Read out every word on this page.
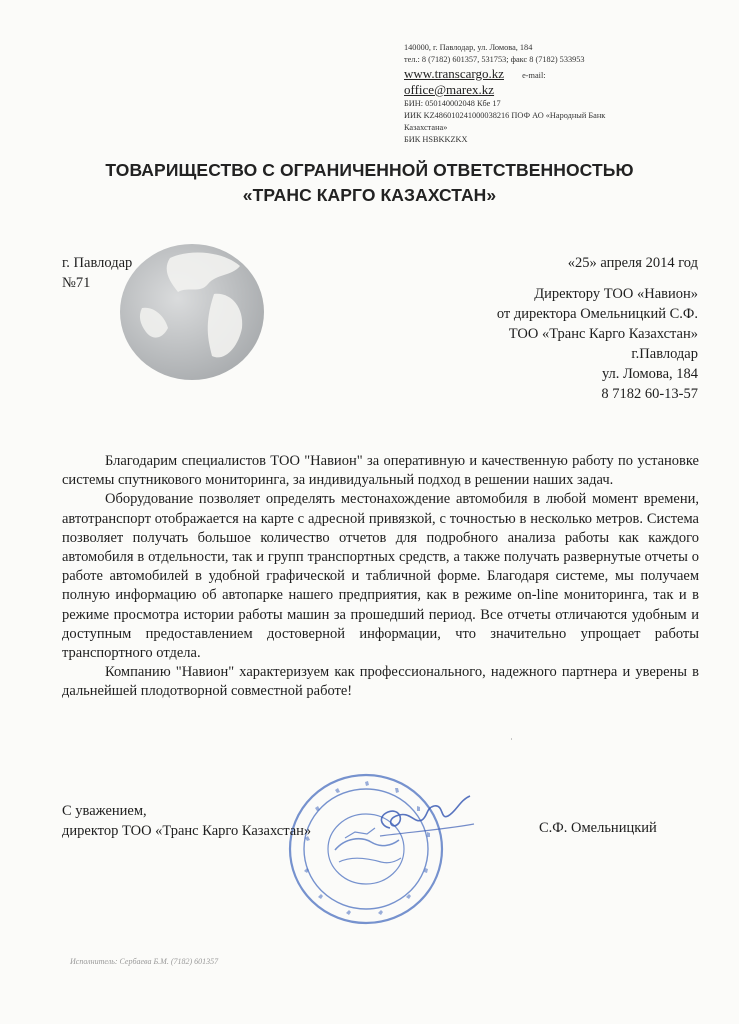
140000, г. Павлодар, ул. Ломова, 184
тел.: 8 (7182) 601357, 531753; факс 8 (7182) 533953
www.transcargo.kz e-mail:
office@marex.kz
БИН: 050140002048 Кбе 17
ИИК KZ486010241000038216 ПОФ АО «Народный Банк
Казахстана»
БИК HSBKKZKX
ТОВАРИЩЕСТВО С ОГРАНИЧЕННОЙ ОТВЕТСТВЕННОСТЬЮ
«ТРАНС КАРГО КАЗАХСТАН»
г. Павлодар
№71
«25» апреля 2014 год
Директору ТОО «Навион»
от директора Омельницкий С.Ф.
ТОО «Транс Карго Казахстан»
г.Павлодар
ул. Ломова, 184
8 7182 60-13-57

Благодарим специалистов ТОО "Навион" за оперативную и качественную работу по установке системы спутникового мониторинга, за индивидуальный подход в решении наших задач.

Оборудование позволяет определять местонахождение автомобиля в любой момент времени, автотранспорт отображается на карте с адресной привязкой, с точностью в несколько метров. Система позволяет получать большое количество отчетов для подробного анализа работы как каждого автомобиля в отдельности, так и групп транспортных средств, а также получать развернутые отчеты о работе автомобилей в удобной графической и табличной форме. Благодаря системе, мы получаем полную информацию об автопарке нашего предприятия, как в режиме on-line мониторинга, так и в режиме просмотра истории работы машин за прошедший период. Все отчеты отличаются удобным и доступным предоставлением достоверной информации, что значительно упрощает работы транспортного отдела.

Компанию "Навион" характеризуем как профессионального, надежного партнера и уверены в дальнейшей плодотворной совместной работе!

ʿ
С уважением,
директор ТОО «Транс Карго Казахстан»	С.Ф. Омельницкий
Исполнитель: Сербаева Б.М. (7182) 601357
